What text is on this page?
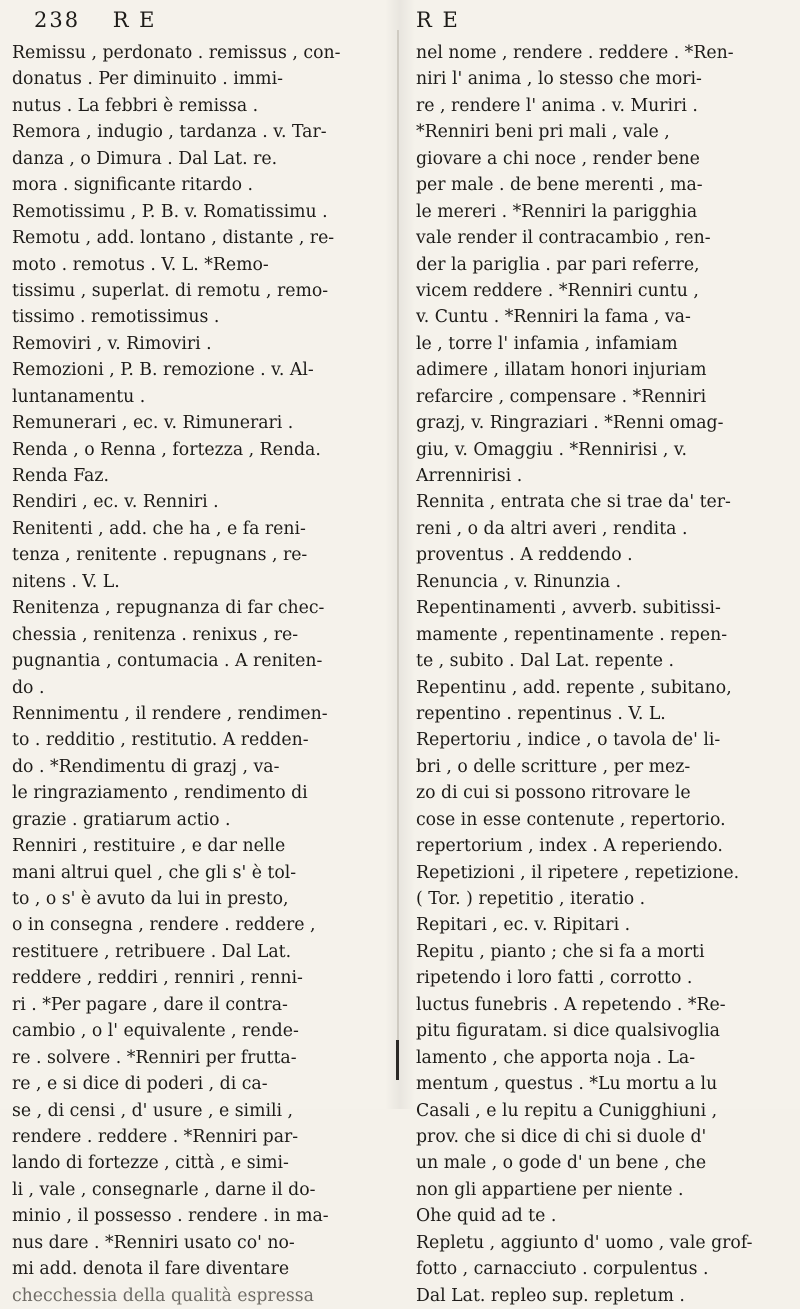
238 R E	R E
Remissu , perdonato . remissus , con-
donatus . Per diminuito . immi-
nutus . La febbri è remissa .
Remora , indugio , tardanza . v. Tar-
danza , o Dimura . Dal Lat. re.
mora . significante ritardo .
Remotissimu , P. B. v. Romatissimu .
Remotu , add. lontano , distante , re-
moto . remotus . V. L. *Remo-
tissimu , superlat. di remotu , remo-
tissimo . remotissimus .
Removiri , v. Rimoviri .
Remozioni , P. B. remozione . v. Al-
luntanamentu .
Remunerari , ec. v. Rimunerari .
Renda , o Renna , fortezza , Renda.
Renda Faz.
Rendiri , ec. v. Renniri .
Renitenti , add. che ha , e fa reni-
tenza , renitente . repugnans , re-
nitens . V. L.
Renitenza , repugnanza di far chec-
chessia , renitenza . renixus , re-
pugnantia , contumacia . A reniten-
do .
Rennimentu , il rendere , rendimen-
to . redditio , restitutio. A redden-
do . *Rendimentu di grazj , va-
le ringraziamento , rendimento di
grazie . gratiarum actio .
Renniri , restituire , e dar nelle
mani altrui quel , che gli s' è tol-
to , o s' è avuto da lui in presto,
o in consegna , rendere . reddere ,
restituere , retribuere . Dal Lat.
reddere , reddiri , renniri , renni-
ri . *Per pagare , dare il contra-
cambio , o l' equivalente , rende-
re . solvere . *Renniri per frutta-
re , e si dice di poderi , di ca-
se , di censi , d' usure , e simili ,
rendere . reddere . *Renniri par-
lando di fortezze , città , e simi-
li , vale , consegnarle , darne il do-
minio , il possesso . rendere . in ma-
nus dare . *Renniri usato co' no-
mi add. denota il fare diventare
checchessia della qualità espressa
nel nome , rendere . reddere . *Ren-
niri l' anima , lo stesso che mori-
re , rendere l' anima . v. Muriri .
*Renniri beni pri mali , vale ,
giovare a chi noce , render bene
per male . de bene merenti , ma-
le mereri . *Renniri la parigghia
vale render il contracambio , ren-
der la pariglia . par pari referre,
vicem reddere . *Renniri cuntu ,
v. Cuntu . *Renniri la fama , va-
le , torre l' infamia , infamiam
adimere , illatam honori injuriam
refarcire , compensare . *Renniri
grazj, v. Ringraziari . *Renni omag-
giu, v. Omaggiu . *Rennirisi , v.
Arrennirisi .
Rennita , entrata che si trae da' ter-
reni , o da altri averi , rendita .
proventus . A reddendo .
Renuncia , v. Rinunzia .
Repentinamenti , avverb. subitissi-
mamente , repentinamente . repen-
te , subito . Dal Lat. repente .
Repentinu , add. repente , subitano,
repentino . repentinus . V. L.
Repertoriu , indice , o tavola de' li-
bri , o delle scritture , per mez-
zo di cui si possono ritrovare le
cose in esse contenute , repertorio.
repertorium , index . A reperiendo.
Repetizioni , il ripetere , repetizione.
( Tor. ) repetitio , iteratio .
Repitari , ec. v. Ripitari .
Repitu , pianto ; che si fa a morti
ripetendo i loro fatti , corrotto .
luctus funebris . A repetendo . *Re-
pitu figuratam. si dice qualsivoglia
lamento , che apporta noja . La-
mentum , questus . *Lu mortu a lu
Casali , e lu repitu a Cunigghiuni ,
prov. che si dice di chi si duole d'
un male , o gode d' un bene , che
non gli appartiene per niente .
Ohe quid ad te .
Repletu , aggiunto d' uomo , vale grof-
fotto , carnacciuto . corpulentus .
Dal Lat. repleo sup. repletum .
